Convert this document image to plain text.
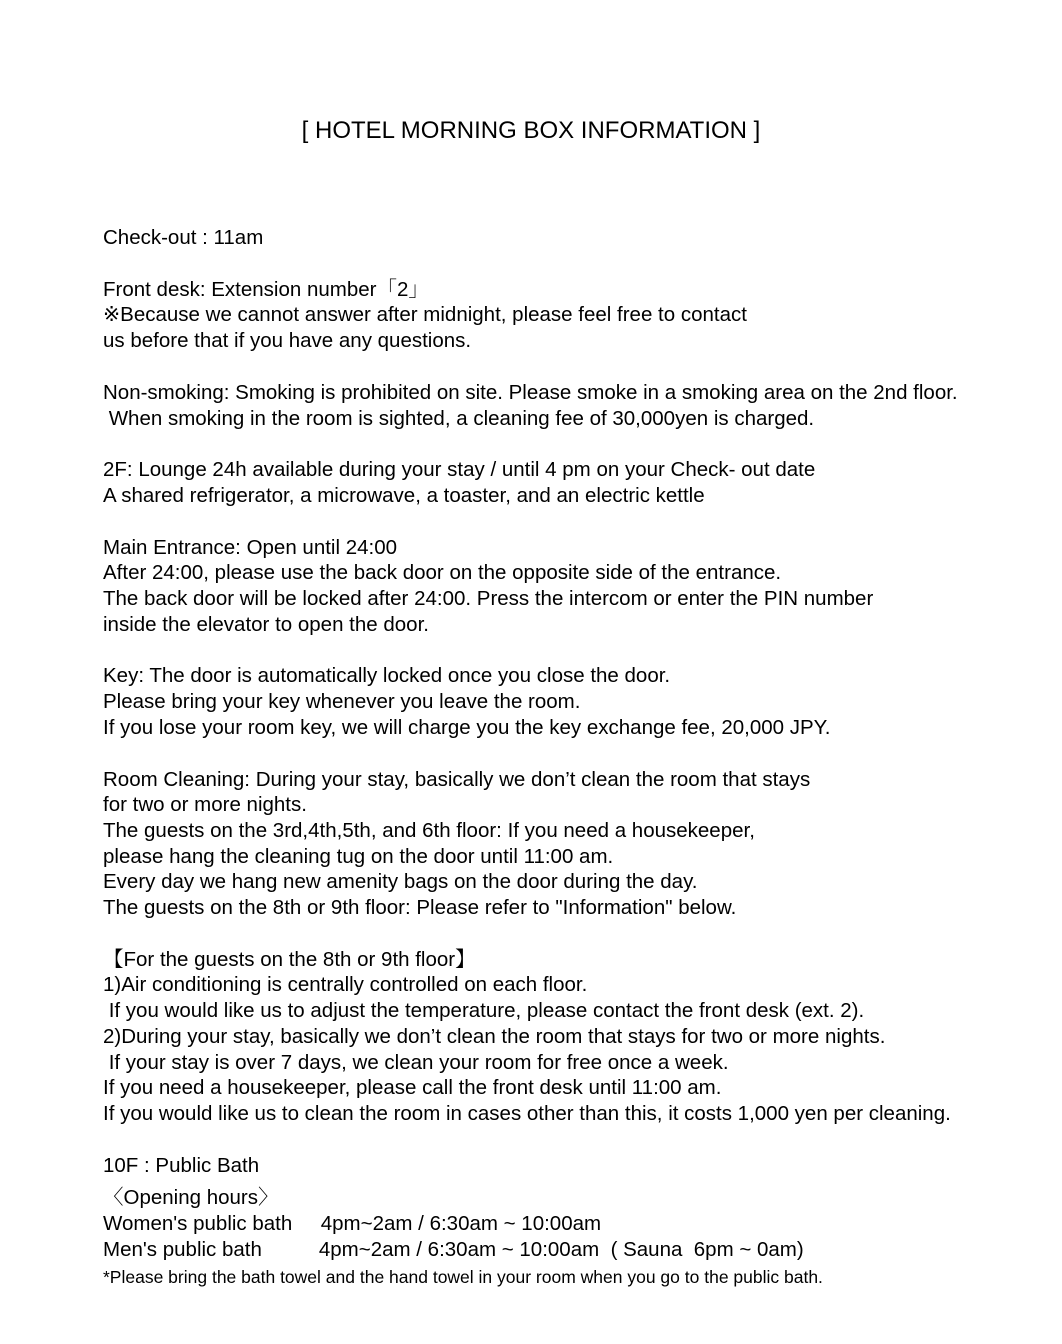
[ HOTEL MORNING BOX INFORMATION ]
Check-out : 11am
Front desk: Extension number「2」
※Because we cannot answer after midnight, please feel free to contact
us before that if you have any questions.
Non-smoking: Smoking is prohibited on site. Please smoke in a smoking area on the 2nd floor.
When smoking in the room is sighted, a cleaning fee of 30,000yen is charged.
2F: Lounge 24h available during your stay / until 4 pm on your Check- out date
A shared refrigerator, a microwave, a toaster, and an electric kettle
Main Entrance: Open until 24:00
After 24:00, please use the back door on the opposite side of the entrance.
The back door will be locked after 24:00. Press the intercom or enter the PIN number
inside the elevator to open the door.
Key: The door is automatically locked once you close the door.
Please bring your key whenever you leave the room.
If you lose your room key, we will charge you the key exchange fee, 20,000 JPY.
Room Cleaning: During your stay, basically we don’t clean the room that stays
for two or more nights.
The guests on the 3rd,4th,5th, and 6th floor: If you need a housekeeper,
please hang the cleaning tug on the door until 11:00 am.
Every day we hang new amenity bags on the door during the day.
The guests on the 8th or 9th floor: Please refer to "Information" below.
【For the guests on the 8th or 9th floor】
1)Air conditioning is centrally controlled on each floor.
If you would like us to adjust the temperature, please contact the front desk (ext. 2).
2)During your stay, basically we don’t clean the room that stays for two or more nights.
If your stay is over 7 days, we clean your room for free once a week.
If you need a housekeeper, please call the front desk until 11:00 am.
If you would like us to clean the room in cases other than this, it costs 1,000 yen per cleaning.
10F : Public Bath
〈Opening hours〉
Women's public bath     4pm~2am / 6:30am ~ 10:00am
Men's public bath          4pm~2am / 6:30am ~ 10:00am  ( Sauna  6pm ~ 0am)
*Please bring the bath towel and the hand towel in your room when you go to the public bath.
